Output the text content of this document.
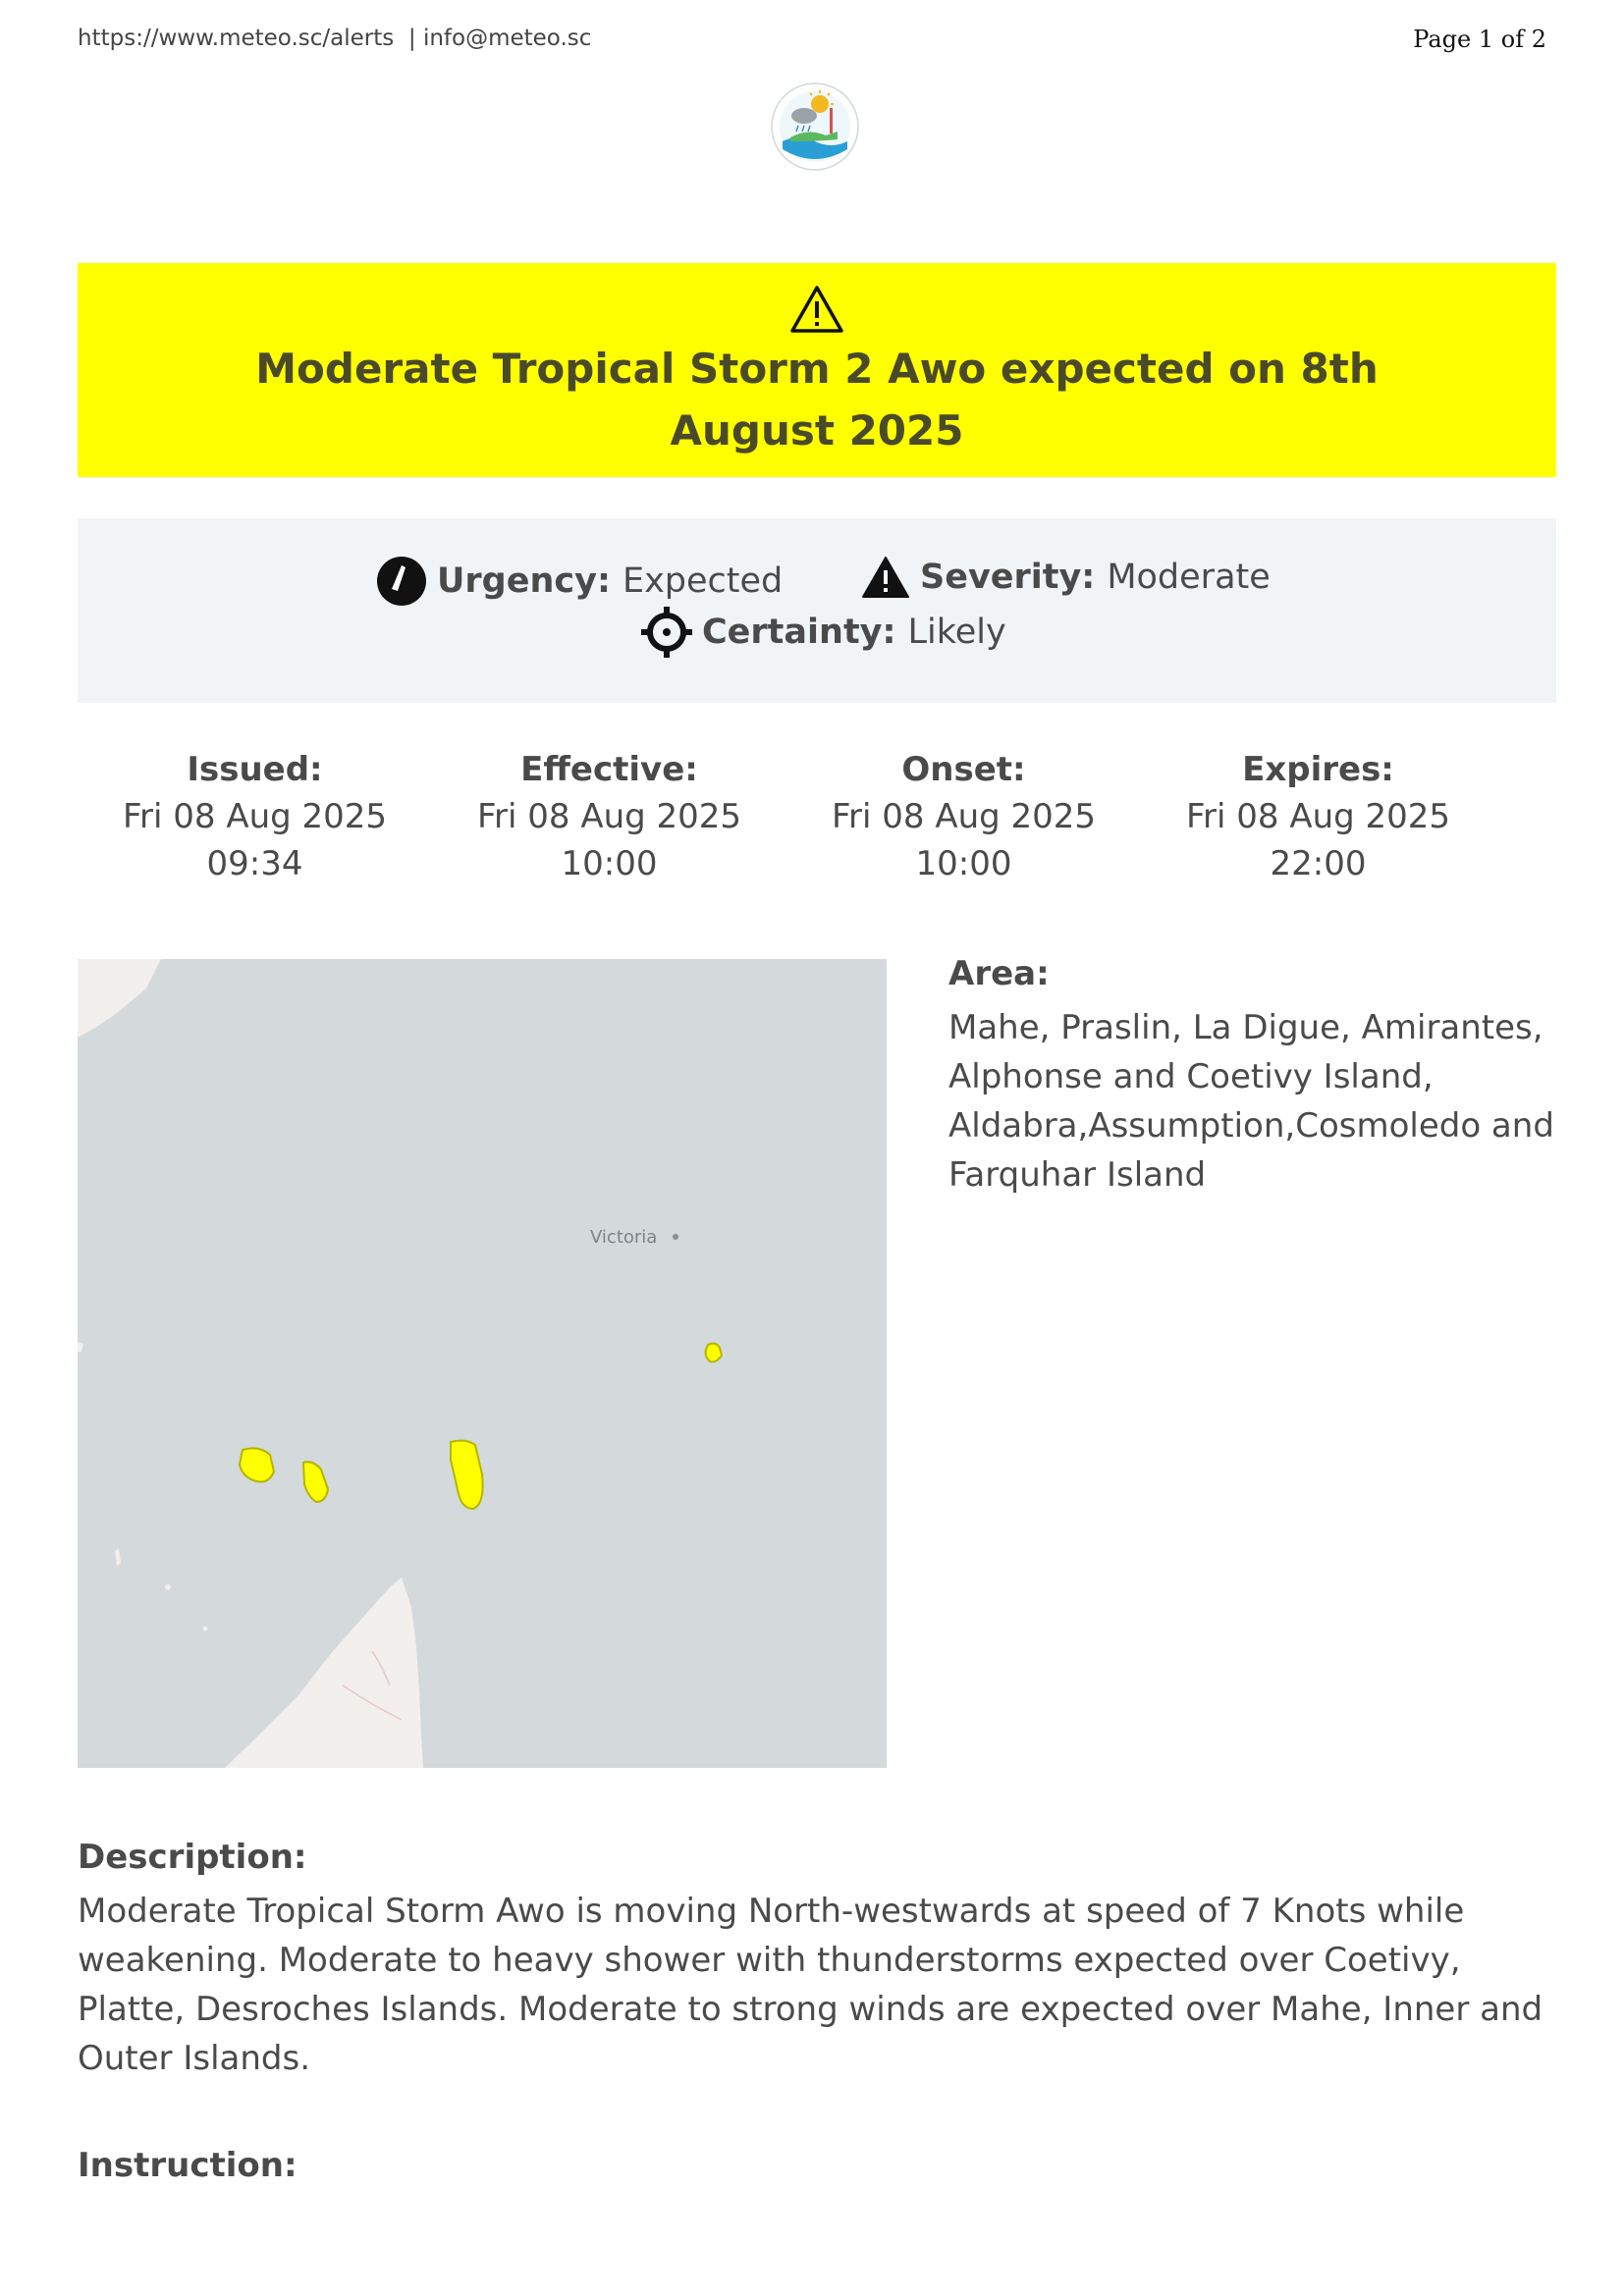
https://www.meteo.sc/alerts  | info@meteo.sc	Page 1 of 2
Moderate Tropical Storm 2 Awo expected on 8th August 2025
Urgency: Expected	Severity: Moderate
Certainty: Likely
Issued:
Fri 08 Aug 2025
09:34
Effective:
Fri 08 Aug 2025
10:00
Onset:
Fri 08 Aug 2025
10:00
Expires:
Fri 08 Aug 2025
22:00
Victoria
Area:
Mahe, Praslin, La Digue, Amirantes, Alphonse and Coetivy Island, Aldabra,Assumption,Cosmoledo and Farquhar Island
Description:
Moderate Tropical Storm Awo is moving North-westwards at speed of 7 Knots while weakening. Moderate to heavy shower with thunderstorms expected over Coetivy, Platte, Desroches Islands. Moderate to strong winds are expected over Mahe, Inner and Outer Islands.
Instruction:
